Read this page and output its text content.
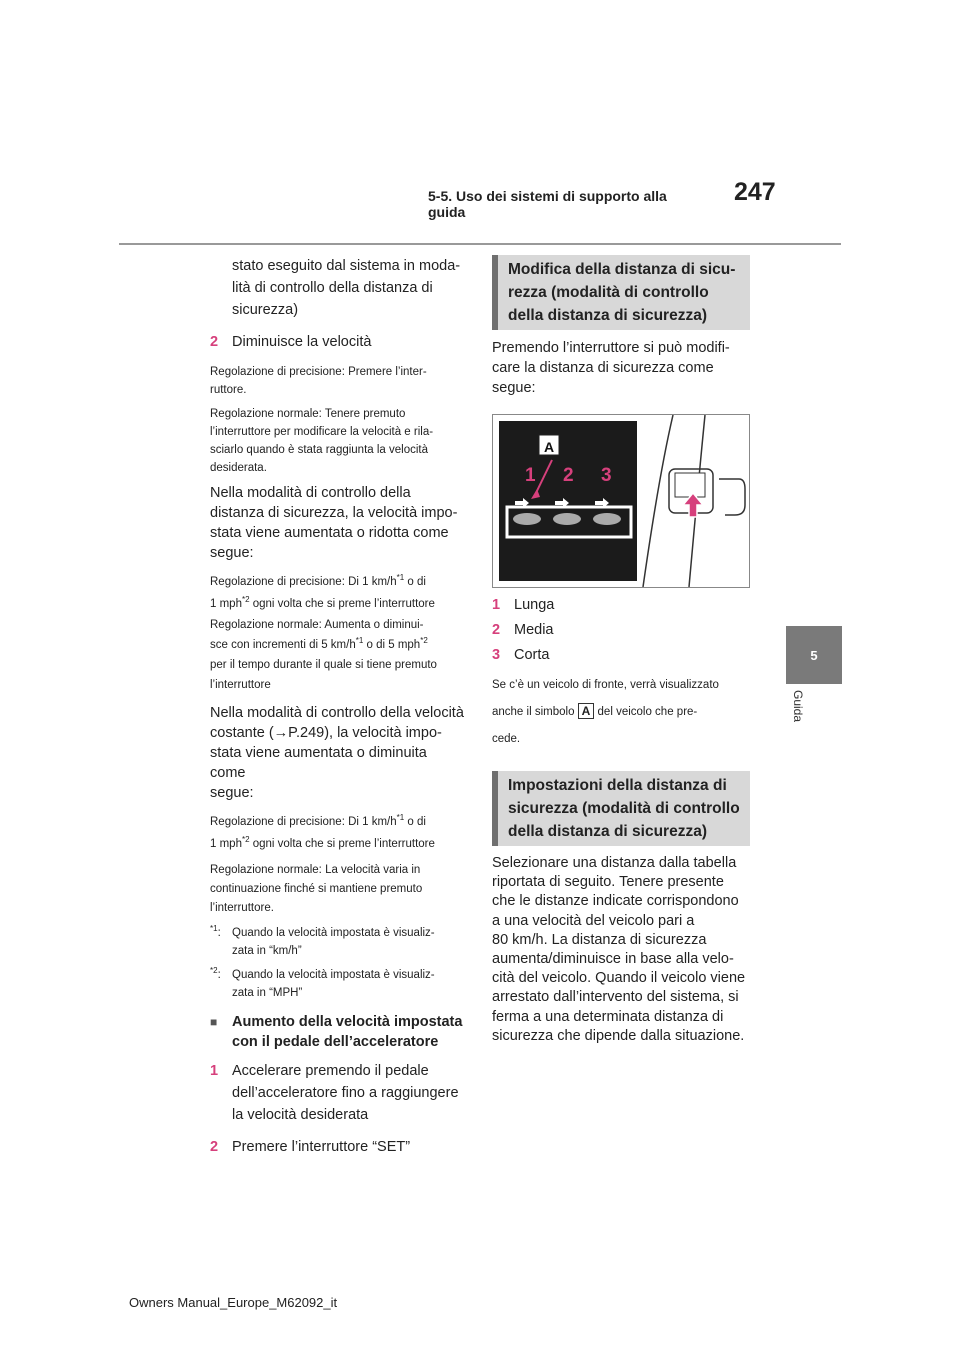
5-5. Uso dei sistemi di supporto alla guida
247
5
Guida

stato eseguito dal sistema in moda-

lità di controllo della distanza di

sicurezza)

2 Diminuisce la velocità

Regolazione di precisione: Premere l’inter-

ruttore.

Regolazione normale: Tenere premuto

l’interruttore per modificare la velocità e rila-

sciarlo quando è stata raggiunta la velocità

desiderata.

Nella modalità di controllo della

distanza di sicurezza, la velocità impo-

stata viene aumentata o ridotta come

segue:

Regolazione di precisione: Di 1 $km/h^{*1}$ o di

1 mph$^{*2}$ ogni volta che si preme l’interruttore

Regolazione normale: Aumenta o diminui-

sce con incrementi di 5 $km/h^{*1}$ o di 5 mph$^{*2}$

per il tempo durante il quale si tiene premuto

l’interruttore

Nella modalità di controllo della velocità

costante (→P.249), la velocità impo-

stata viene aumentata o diminuita come

segue:

Regolazione di precisione: Di 1 $km/h^{*1}$ o di

1 mph$^{*2}$ ogni volta che si preme l’interruttore

Regolazione normale: La velocità varia in

continuazione finché si mantiene premuto

l’interruttore.

$^{*1}$: Quando la velocità impostata è visualiz-

zata in “km/h”

$^{*2}$: Quando la velocità impostata è visualiz-

zata in “MPH”

■	Aumento della velocità impostata

con il pedale dell’acceleratore

1 Accelerare premendo il pedale

dell’acceleratore fino a raggiungere

la velocità desiderata

2 Premere l’interruttore “SET”

Modifica della distanza di sicu-
rezza (modalità di controllo
della distanza di sicurezza)

Premendo l’interruttore si può modifi-

care la distanza di sicurezza come

segue:

A
1 2 3
1 Lunga
2 Media
3 Corta

Se c’è un veicolo di fronte, verrà visualizzato

anche il simbolo A del veicolo che pre-

cede.

Impostazioni della distanza di
sicurezza (modalità di controllo
della distanza di sicurezza)

Selezionare una distanza dalla tabella

riportata di seguito. Tenere presente

che le distanze indicate corrispondono

a una velocità del veicolo pari a

80 km/h. La distanza di sicurezza

aumenta/diminuisce in base alla velo-

cità del veicolo. Quando il veicolo viene

arrestato dall’intervento del sistema, si

ferma a una determinata distanza di

sicurezza che dipende dalla situazione.

Owners Manual_Europe_M62092_it
